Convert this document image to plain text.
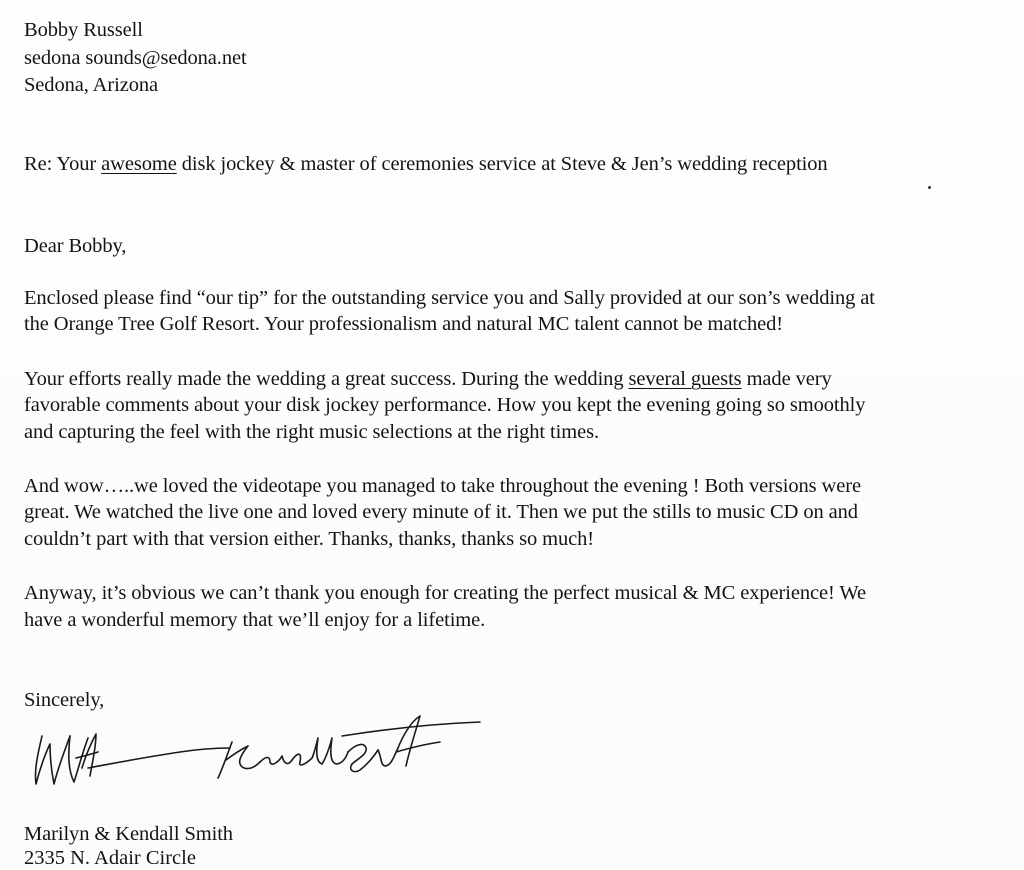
Bobby Russell
sedona sounds@sedona.net
Sedona, Arizona
Re: Your awesome disk jockey & master of ceremonies service at Steve & Jen’s wedding reception
Dear Bobby,
Enclosed please find “our tip” for the outstanding service you and Sally provided at our son’s wedding at
the Orange Tree Golf Resort. Your professionalism and natural MC talent cannot be matched!
Your efforts really made the wedding a great success. During the wedding several guests made very
favorable comments about your disk jockey performance. How you kept the evening going so smoothly
and capturing the feel with the right music selections at the right times.
And wow…..we loved the videotape you managed to take throughout the evening ! Both versions were
great. We watched the live one and loved every minute of it. Then we put the stills to music CD on and
couldn’t part with that version either. Thanks, thanks, thanks so much!
Anyway, it’s obvious we can’t thank you enough for creating the perfect musical & MC experience! We
have a wonderful memory that we’ll enjoy for a lifetime.
Sincerely,
Marilyn & Kendall Smith
2335 N. Adair Circle
